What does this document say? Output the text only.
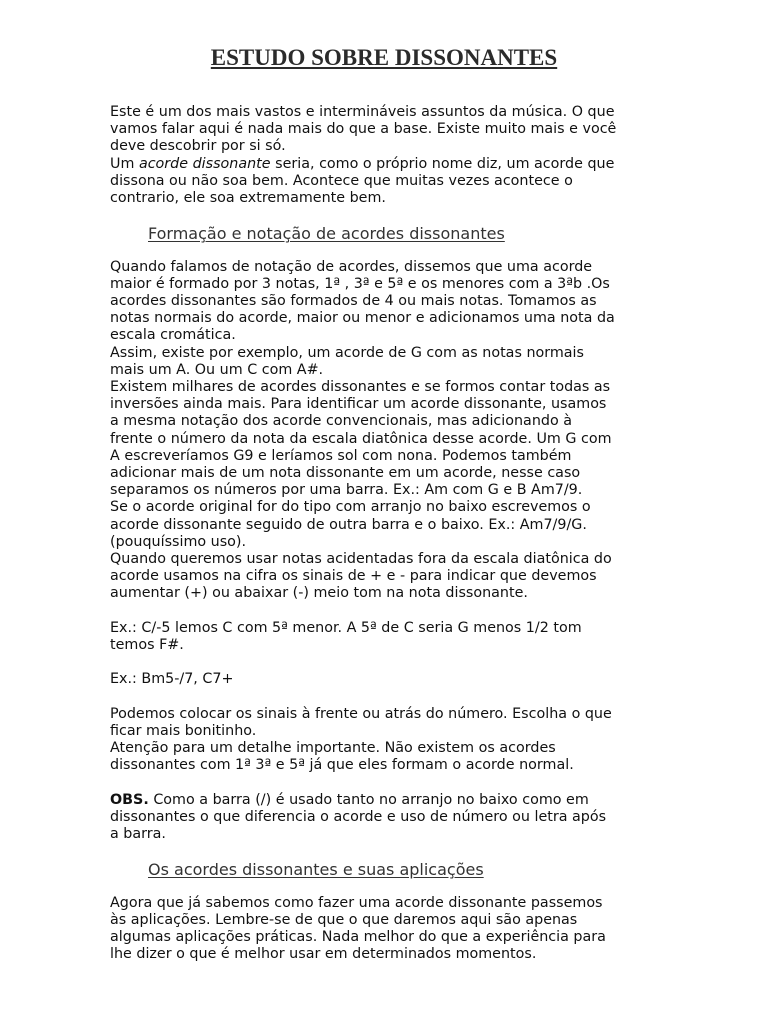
ESTUDO SOBRE DISSONANTES
Este é um dos mais vastos e intermináveis assuntos da música. O que
vamos falar aqui é nada mais do que a base. Existe muito mais e você
deve descobrir por si só.
Um acorde dissonante seria, como o próprio nome diz, um acorde que
dissona ou não soa bem. Acontece que muitas vezes acontece o
contrario, ele soa extremamente bem.
Formação e notação de acordes dissonantes
Quando falamos de notação de acordes, dissemos que uma acorde
maior é formado por 3 notas, 1ª , 3ª e 5ª e os menores com a 3ªb .Os
acordes dissonantes são formados de 4 ou mais notas. Tomamos as
notas normais do acorde, maior ou menor e adicionamos uma nota da
escala cromática.
Assim, existe por exemplo, um acorde de G com as notas normais
mais um A. Ou um C com A#.
Existem milhares de acordes dissonantes e se formos contar todas as
inversões ainda mais. Para identificar um acorde dissonante, usamos
a mesma notação dos acorde convencionais, mas adicionando à
frente o número da nota da escala diatônica desse acorde. Um G com
A escreveríamos G9 e leríamos sol com nona. Podemos também
adicionar mais de um nota dissonante em um acorde, nesse caso
separamos os números por uma barra. Ex.: Am com G e B Am7/9.
Se o acorde original for do tipo com arranjo no baixo escrevemos o
acorde dissonante seguido de outra barra e o baixo. Ex.: Am7/9/G.
(pouquíssimo uso).
Quando queremos usar notas acidentadas fora da escala diatônica do
acorde usamos na cifra os sinais de + e - para indicar que devemos
aumentar (+) ou abaixar (-) meio tom na nota dissonante.
Ex.: C/-5 lemos C com 5ª menor. A 5ª de C seria G menos 1/2 tom
temos F#.
Ex.: Bm5-/7, C7+
Podemos colocar os sinais à frente ou atrás do número. Escolha o que
ficar mais bonitinho.
Atenção para um detalhe importante. Não existem os acordes
dissonantes com 1ª 3ª e 5ª já que eles formam o acorde normal.
OBS. Como a barra (/) é usado tanto no arranjo no baixo como em
dissonantes o que diferencia o acorde e uso de número ou letra após
a barra.
Os acordes dissonantes e suas aplicações
Agora que já sabemos como fazer uma acorde dissonante passemos
às aplicações. Lembre-se de que o que daremos aqui são apenas
algumas aplicações práticas. Nada melhor do que a experiência para
lhe dizer o que é melhor usar em determinados momentos.
